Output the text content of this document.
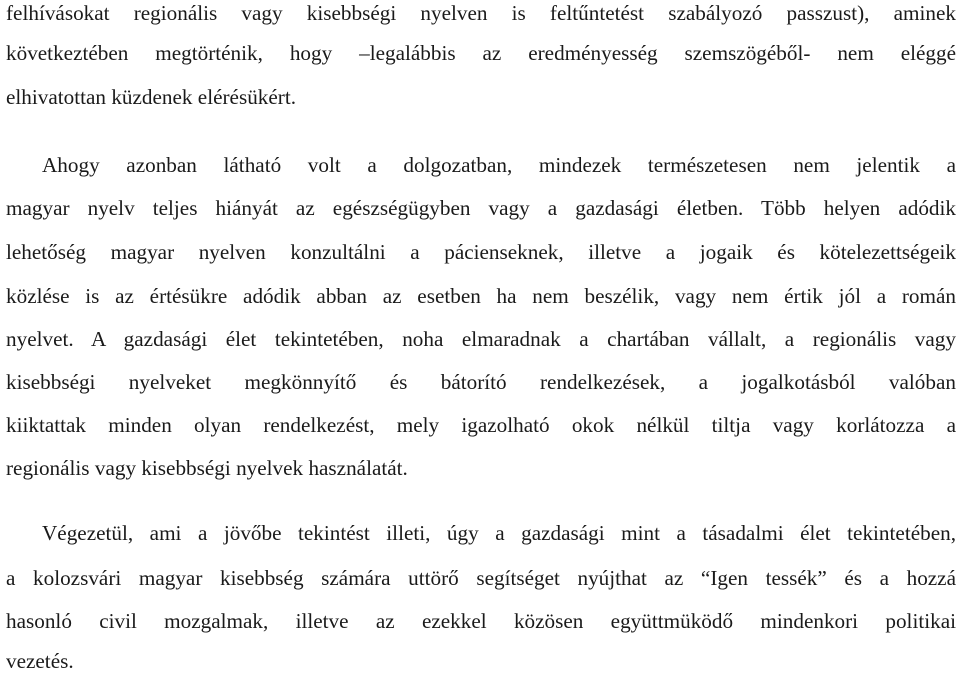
felhívásokat regionális vagy kisebbségi nyelven is feltűntetést szabályozó passzust), aminek
következtében megtörténik, hogy –legalábbis az eredményesség szemszögéből- nem eléggé
elhivatottan küzdenek elérésükért.
Ahogy azonban látható volt a dolgozatban, mindezek természetesen nem jelentik a
magyar nyelv teljes hiányát az egészségügyben vagy a gazdasági életben. Több helyen adódik
lehetőség magyar nyelven konzultálni a pácienseknek, illetve a jogaik és kötelezettségeik
közlése is az értésükre adódik abban az esetben ha nem beszélik, vagy nem értik jól a román
nyelvet. A gazdasági élet tekintetében, noha elmaradnak a chartában vállalt, a regionális vagy
kisebbségi nyelveket megkönnyítő és bátorító rendelkezések, a jogalkotásból valóban
kiiktattak minden olyan rendelkezést, mely igazolható okok nélkül tiltja vagy korlátozza a
regionális vagy kisebbségi nyelvek használatát.
Végezetül, ami a jövőbe tekintést illeti, úgy a gazdasági mint a tásadalmi élet tekintetében,
a kolozsvári magyar kisebbség számára uttörő segítséget nyújthat az “Igen tessék” és a hozzá
hasonló civil mozgalmak, illetve az ezekkel közösen együttmüködő mindenkori politikai
vezetés.
